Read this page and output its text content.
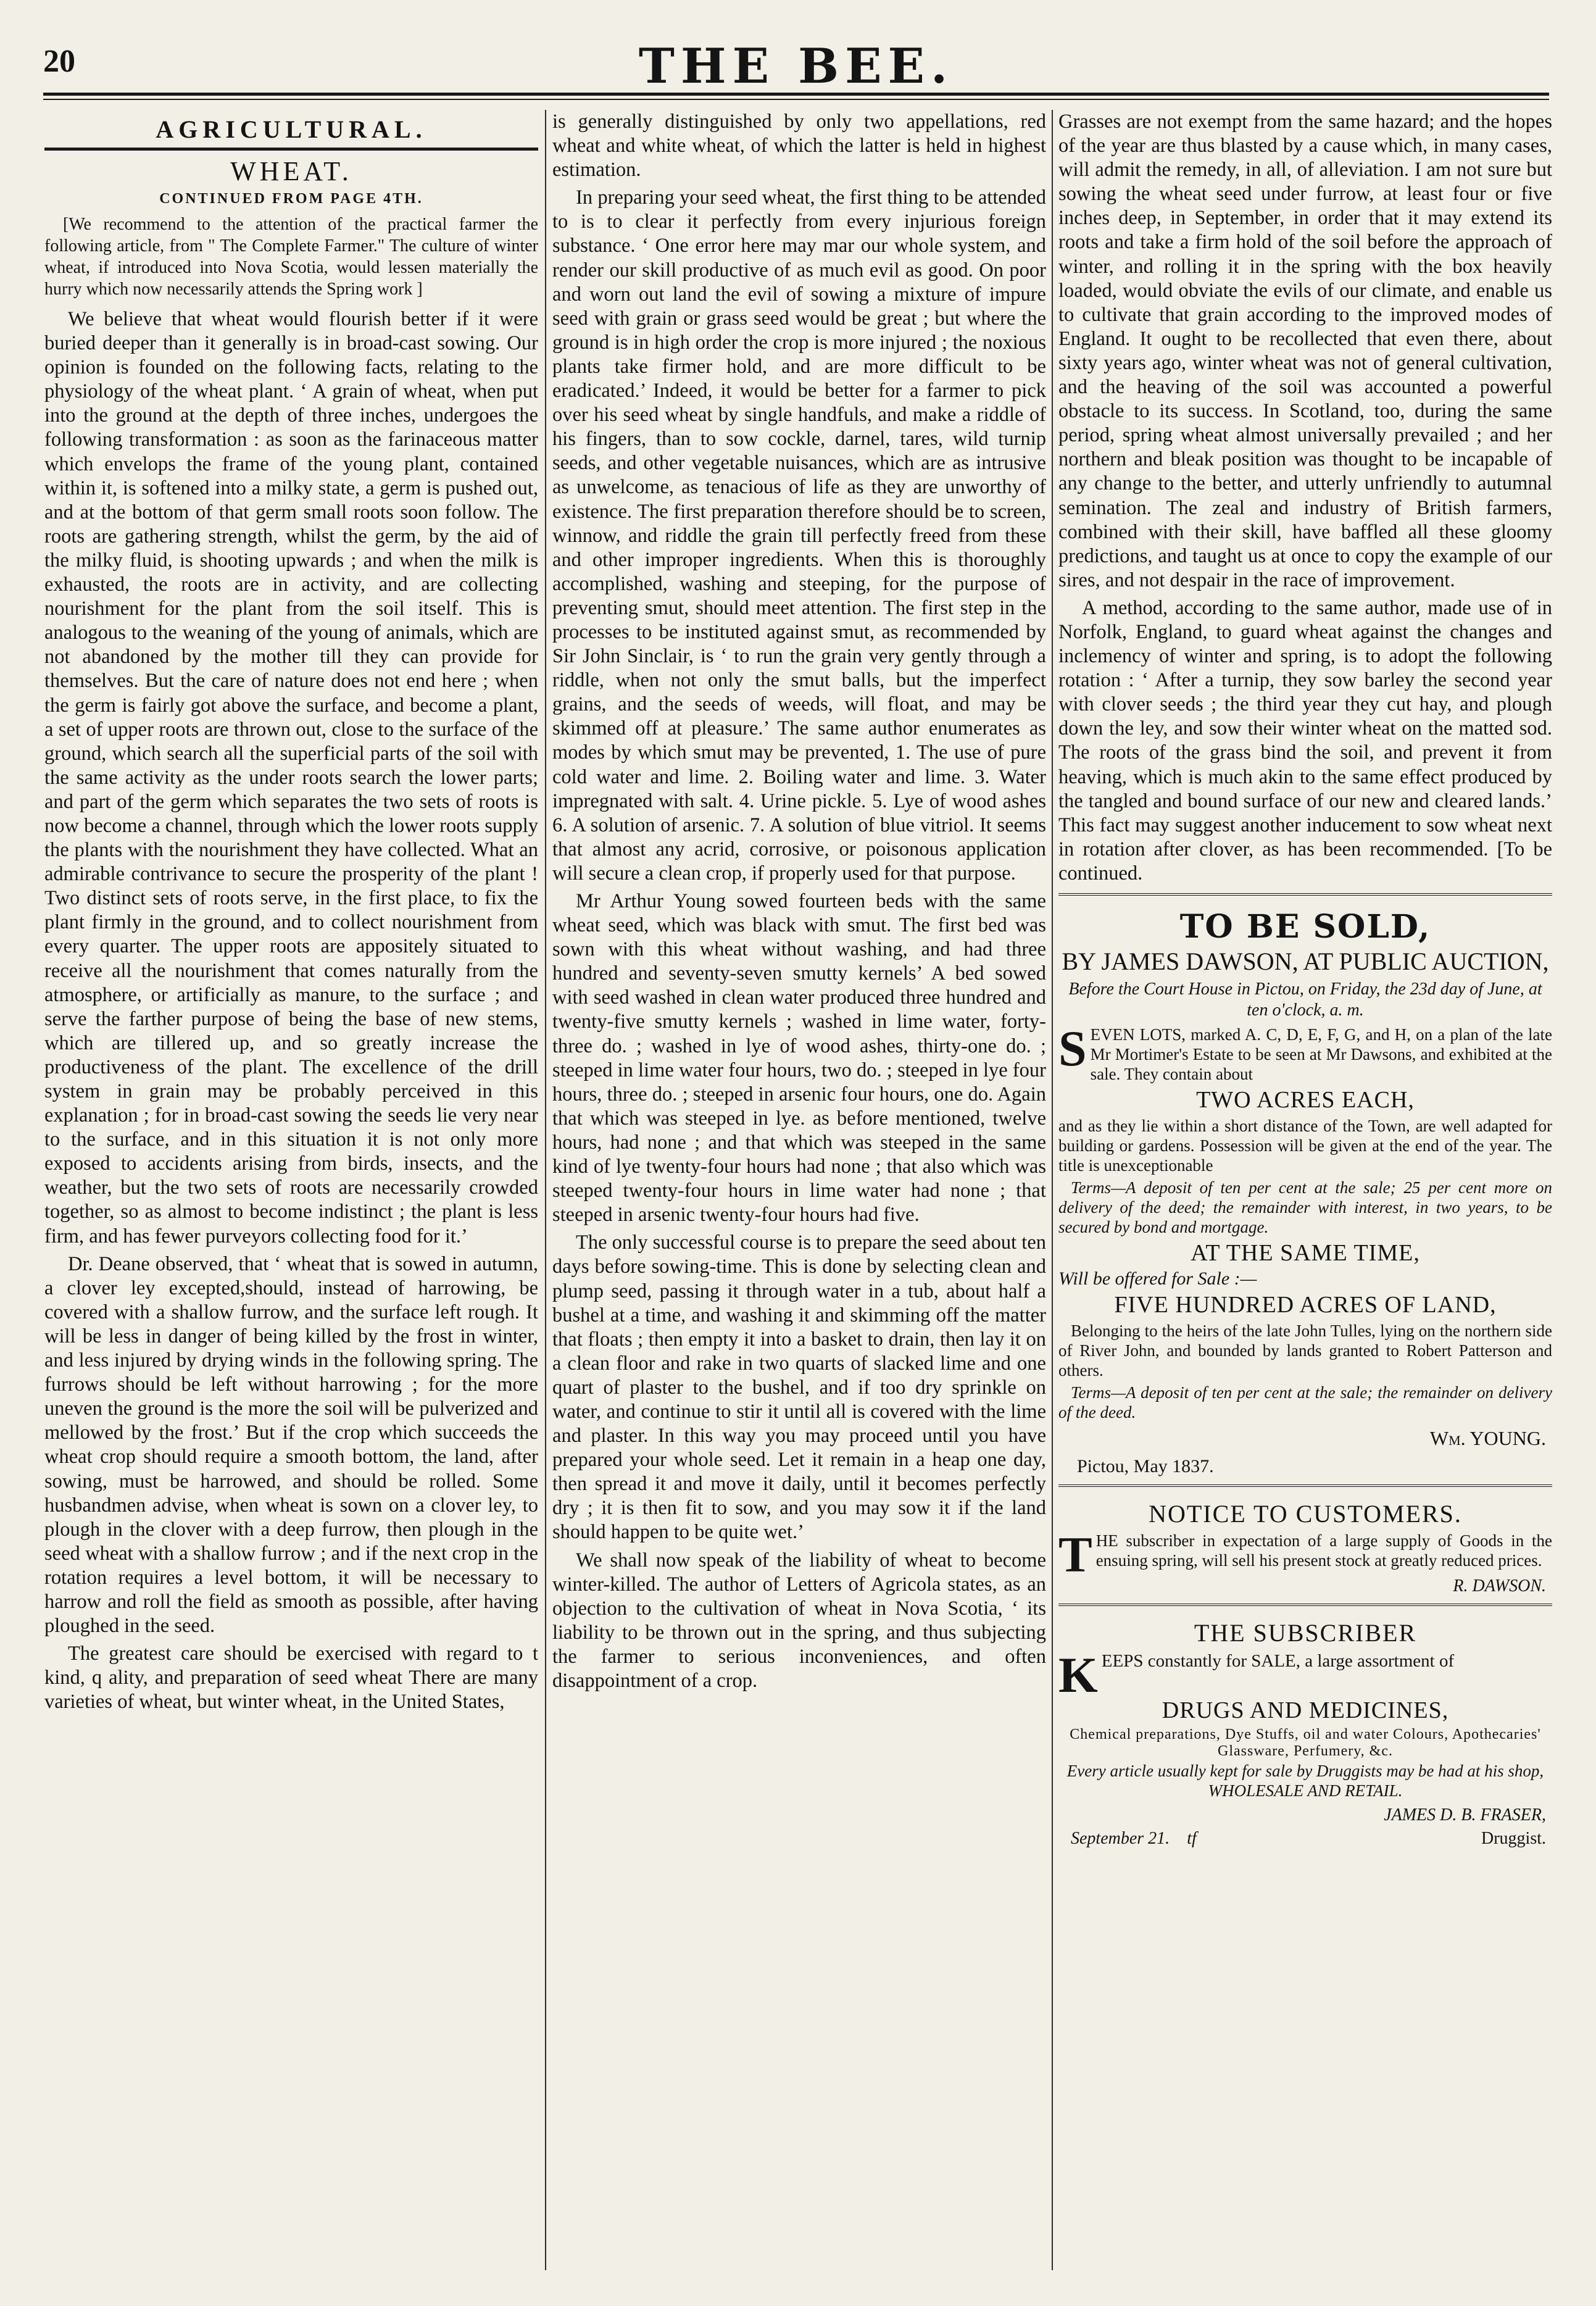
20	THE BEE.
AGRICULTURAL.
WHEAT.
CONTINUED FROM PAGE 4TH.

[We recommend to the attention of the practical farmer the following article, from " The Complete Farmer." The culture of winter wheat, if introduced into Nova Scotia, would lessen materially the hurry which now necessarily attends the Spring work ]

We believe that wheat would flourish better if it were buried deeper than it generally is in broad-cast sowing. Our opinion is founded on the following facts, relating to the physiology of the wheat plant. ‘ A grain of wheat, when put into the ground at the depth of three inches, undergoes the following transformation : as soon as the farinaceous matter which envelops the frame of the young plant, contained within it, is softened into a milky state, a germ is pushed out, and at the bottom of that germ small roots soon follow. The roots are gathering strength, whilst the germ, by the aid of the milky fluid, is shooting upwards ; and when the milk is exhausted, the roots are in activity, and are collecting nourishment for the plant from the soil itself. This is analogous to the weaning of the young of animals, which are not abandoned by the mother till they can provide for themselves. But the care of nature does not end here ; when the germ is fairly got above the surface, and become a plant, a set of upper roots are thrown out, close to the surface of the ground, which search all the superficial parts of the soil with the same activity as the under roots search the lower parts; and part of the germ which separates the two sets of roots is now become a channel, through which the lower roots supply the plants with the nourishment they have collected. What an admirable contrivance to secure the prosperity of the plant ! Two distinct sets of roots serve, in the first place, to fix the plant firmly in the ground, and to collect nourishment from every quarter. The upper roots are appositely situated to receive all the nourishment that comes naturally from the atmosphere, or artificially as manure, to the surface ; and serve the farther purpose of being the base of new stems, which are tillered up, and so greatly increase the productiveness of the plant. The excellence of the drill system in grain may be probably perceived in this explanation ; for in broad-cast sowing the seeds lie very near to the surface, and in this situation it is not only more exposed to accidents arising from birds, insects, and the weather, but the two sets of roots are necessarily crowded together, so as almost to become indistinct ; the plant is less firm, and has fewer purveyors collecting food for it.’

Dr. Deane observed, that ‘ wheat that is sowed in autumn, a clover ley excepted,should, instead of harrowing, be covered with a shallow furrow, and the surface left rough. It will be less in danger of being killed by the frost in winter, and less injured by drying winds in the following spring. The furrows should be left without harrowing ; for the more uneven the ground is the more the soil will be pulverized and mellowed by the frost.’ But if the crop which succeeds the wheat crop should require a smooth bottom, the land, after sowing, must be harrowed, and should be rolled. Some husbandmen advise, when wheat is sown on a clover ley, to plough in the clover with a deep furrow, then plough in the seed wheat with a shallow furrow ; and if the next crop in the rotation requires a level bottom, it will be necessary to harrow and roll the field as smooth as possible, after having ploughed in the seed.

The greatest care should be exercised with regard to t kind, q ality, and preparation of seed wheat There are many varieties of wheat, but winter wheat, in the United States,

is generally distinguished by only two appellations, red wheat and white wheat, of which the latter is held in highest estimation.

In preparing your seed wheat, the first thing to be attended to is to clear it perfectly from every injurious foreign substance. ‘ One error here may mar our whole system, and render our skill productive of as much evil as good. On poor and worn out land the evil of sowing a mixture of impure seed with grain or grass seed would be great ; but where the ground is in high order the crop is more injured ; the noxious plants take firmer hold, and are more difficult to be eradicated.’ Indeed, it would be better for a farmer to pick over his seed wheat by single handfuls, and make a riddle of his fingers, than to sow cockle, darnel, tares, wild turnip seeds, and other vegetable nuisances, which are as intrusive as unwelcome, as tenacious of life as they are unworthy of existence. The first preparation therefore should be to screen, winnow, and riddle the grain till perfectly freed from these and other improper ingredients. When this is thoroughly accomplished, washing and steeping, for the purpose of preventing smut, should meet attention. The first step in the processes to be instituted against smut, as recommended by Sir John Sinclair, is ‘ to run the grain very gently through a riddle, when not only the smut balls, but the imperfect grains, and the seeds of weeds, will float, and may be skimmed off at pleasure.’ The same author enumerates as modes by which smut may be prevented, 1. The use of pure cold water and lime. 2. Boiling water and lime. 3. Water impregnated with salt. 4. Urine pickle. 5. Lye of wood ashes 6. A solution of arsenic. 7. A solution of blue vitriol. It seems that almost any acrid, corrosive, or poisonous application will secure a clean crop, if properly used for that purpose.

Mr Arthur Young sowed fourteen beds with the same wheat seed, which was black with smut. The first bed was sown with this wheat without washing, and had three hundred and seventy-seven smutty kernels’ A bed sowed with seed washed in clean water produced three hundred and twenty-five smutty kernels ; washed in lime water, forty-three do. ; washed in lye of wood ashes, thirty-one do. ; steeped in lime water four hours, two do. ; steeped in lye four hours, three do. ; steeped in arsenic four hours, one do. Again that which was steeped in lye. as before mentioned, twelve hours, had none ; and that which was steeped in the same kind of lye twenty-four hours had none ; that also which was steeped twenty-four hours in lime water had none ; that steeped in arsenic twenty-four hours had five.

The only successful course is to prepare the seed about ten days before sowing-time. This is done by selecting clean and plump seed, passing it through water in a tub, about half a bushel at a time, and washing it and skimming off the matter that floats ; then empty it into a basket to drain, then lay it on a clean floor and rake in two quarts of slacked lime and one quart of plaster to the bushel, and if too dry sprinkle on water, and continue to stir it until all is covered with the lime and plaster. In this way you may proceed until you have prepared your whole seed. Let it remain in a heap one day, then spread it and move it daily, until it becomes perfectly dry ; it is then fit to sow, and you may sow it if the land should happen to be quite wet.’

We shall now speak of the liability of wheat to become winter-killed. The author of Letters of Agricola states, as an objection to the cultivation of wheat in Nova Scotia, ‘ its liability to be thrown out in the spring, and thus subjecting the farmer to serious inconveniences, and often disappointment of a crop.

Grasses are not exempt from the same hazard; and the hopes of the year are thus blasted by a cause which, in many cases, will admit the remedy, in all, of alleviation. I am not sure but sowing the wheat seed under furrow, at least four or five inches deep, in September, in order that it may extend its roots and take a firm hold of the soil before the approach of winter, and rolling it in the spring with the box heavily loaded, would obviate the evils of our climate, and enable us to cultivate that grain according to the improved modes of England. It ought to be recollected that even there, about sixty years ago, winter wheat was not of general cultivation, and the heaving of the soil was accounted a powerful obstacle to its success. In Scotland, too, during the same period, spring wheat almost universally prevailed ; and her northern and bleak position was thought to be incapable of any change to the better, and utterly unfriendly to autumnal semination. The zeal and industry of British farmers, combined with their skill, have baffled all these gloomy predictions, and taught us at once to copy the example of our sires, and not despair in the race of improvement.

A method, according to the same author, made use of in Norfolk, England, to guard wheat against the changes and inclemency of winter and spring, is to adopt the following rotation : ‘ After a turnip, they sow barley the second year with clover seeds ; the third year they cut hay, and plough down the ley, and sow their winter wheat on the matted sod. The roots of the grass bind the soil, and prevent it from heaving, which is much akin to the same effect produced by the tangled and bound surface of our new and cleared lands.’ This fact may suggest another inducement to sow wheat next in rotation after clover, as has been recommended. [To be continued.

TO BE SOLD,
BY JAMES DAWSON, AT PUBLIC AUCTION,
Before the Court House in Pictou, on Friday, the 23d day of June, at ten o'clock, a. m.
SEVEN LOTS, marked A. C, D, E, F, G, and H, on a plan of the late Mr Mortimer's Estate to be seen at Mr Dawsons, and exhibited at the sale. They contain about
TWO ACRES EACH,
and as they lie within a short distance of the Town, are well adapted for building or gardens. Possession will be given at the end of the year. The title is unexceptionable
Terms—A deposit of ten per cent at the sale; 25 per cent more on delivery of the deed; the remainder with interest, in two years, to be secured by bond and mortgage.
AT THE SAME TIME,
Will be offered for Sale :—
FIVE HUNDRED ACRES OF LAND,
Belonging to the heirs of the late John Tulles, lying on the northern side of River John, and bounded by lands granted to Robert Patterson and others.
Terms—A deposit of ten per cent at the sale; the remainder on delivery of the deed.
Wm. YOUNG.
Pictou, May 1837.
NOTICE TO CUSTOMERS.
THE subscriber in expectation of a large supply of Goods in the ensuing spring, will sell his present stock at greatly reduced prices.
R. DAWSON.
THE SUBSCRIBER
KEEPS constantly for SALE, a large assortment of
DRUGS AND MEDICINES,
Chemical preparations, Dye Stuffs, oil and water Colours, Apothecaries' Glassware, Perfumery, &c.
Every article usually kept for sale by Druggists may be had at his shop, WHOLESALE AND RETAIL.
JAMES D. B. FRASER,
September 21. tf	Druggist.
